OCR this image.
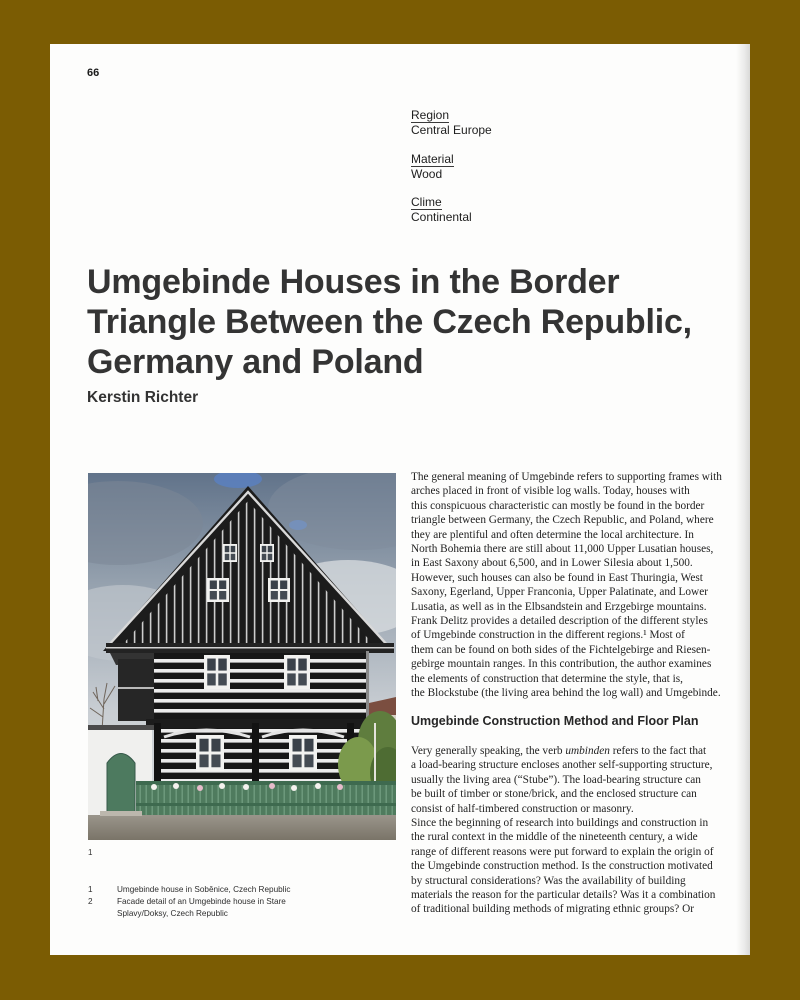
66
Region
Central Europe
Material
Wood
Clime
Continental
Umgebinde Houses in the Border
Triangle Between the Czech Republic,
Germany and Poland
Kerstin Richter
1
1	Umgebinde house in Soběnice, Czech Republic
2	Facade detail of an Umgebinde house in Stare
Splavy/Doksy, Czech Republic
The general meaning of Umgebinde refers to supporting frames with
arches placed in front of visible log walls. Today, houses with
this conspicuous characteristic can mostly be found in the border
triangle between Germany, the Czech Republic, and Poland, where
they are plentiful and often determine the local architecture. In
North Bohemia there are still about 11,000 Upper Lusatian houses,
in East Saxony about 6,500, and in Lower Silesia about 1,500.
However, such houses can also be found in East Thuringia, West
Saxony, Egerland, Upper Franconia, Upper Palatinate, and Lower
Lusatia, as well as in the Elbsandstein and Erzgebirge mountains.
Frank Delitz provides a detailed description of the different styles
of Umgebinde construction in the different regions.¹ Most of
them can be found on both sides of the Fichtelgebirge and Riesen-
gebirge mountain ranges. In this contribution, the author examines
the elements of construction that determine the style, that is,
the Blockstube (the living area behind the log wall) and Umgebinde.
Umgebinde Construction Method and Floor Plan
Very generally speaking, the verb umbinden refers to the fact that
a load-bearing structure encloses another self-supporting structure,
usually the living area (“Stube”). The load-bearing structure can
be built of timber or stone/brick, and the enclosed structure can
consist of half-timbered construction or masonry.
Since the beginning of research into buildings and construction in
the rural context in the middle of the nineteenth century, a wide
range of different reasons were put forward to explain the origin of
the Umgebinde construction method. Is the construction motivated
by structural considerations? Was the availability of building
materials the reason for the particular details? Was it a combination
of traditional building methods of migrating ethnic groups? Or
